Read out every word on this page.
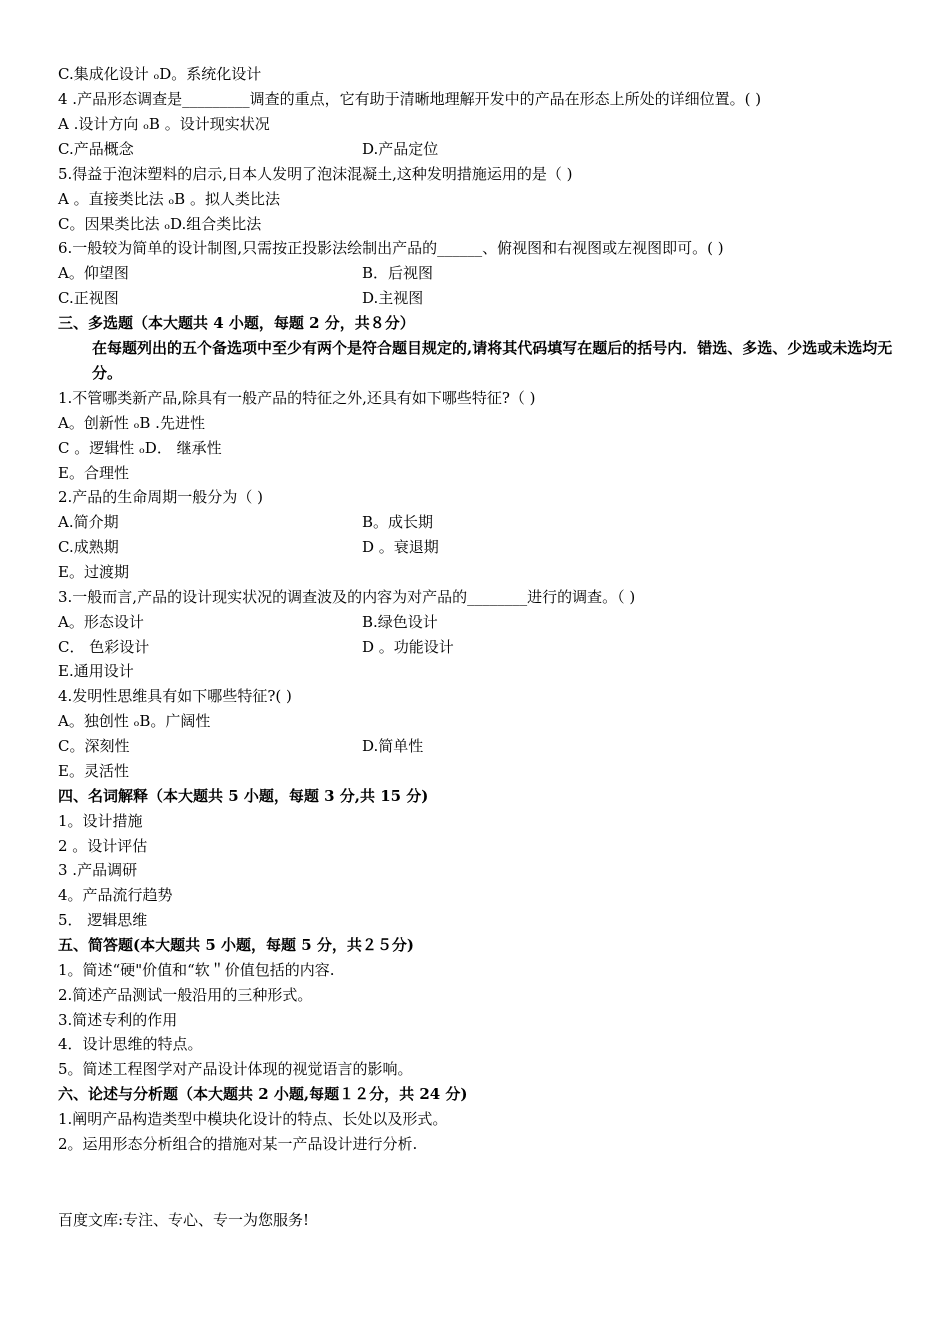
C.集成化设计 ₒD。系统化设计
4 .产品形态调查是_________调查的重点，它有助于清晰地理解开发中的产品在形态上所处的详细位置。( )
A .设计方向 ₒB 。设计现实状况
C.产品概念	D.产品定位
5.得益于泡沫塑料的启示,日本人发明了泡沫混凝土,这种发明措施运用的是（ )
A 。直接类比法 ₒB 。拟人类比法
C。因果类比法 ₒD.组合类比法
6.一般较为简单的设计制图,只需按正投影法绘制出产品的______、俯视图和右视图或左视图即可。( )
A。仰望图	B．后视图
C.正视图	D.主视图
三、多选题（本大题共 4 小题，每题 2 分，共８分）
在每题列出的五个备选项中至少有两个是符合题目规定的,请将其代码填写在题后的括号内．错选、多选、少选或未选均无分。
1.不管哪类新产品,除具有一般产品的特征之外,还具有如下哪些特征?（ )
A。创新性 ₒB .先进性
C 。逻辑性 ₒD． 继承性
E。合理性
2.产品的生命周期一般分为（ )
A.简介期	B。成长期
C.成熟期	D 。衰退期
E。过渡期
3.一般而言,产品的设计现实状况的调查波及的内容为对产品的________进行的调查。（ )
A。形态设计	B.绿色设计
C． 色彩设计	D 。功能设计
E.通用设计
4.发明性思维具有如下哪些特征?( )
A。独创性 ₒB。广阔性
C。深刻性	D.简单性
E。灵活性
四、名词解释（本大题共 5 小题，每题 3 分,共 15 分)
1。设计措施
2 。设计评估
3 .产品调研
4。产品流行趋势
5． 逻辑思维
五、简答题(本大题共 5 小题，每题 5 分，共２５分)
1。简述“硬"价值和“软＂价值包括的内容.
2.简述产品测试一般沿用的三种形式。
3.简述专利的作用
4．设计思维的特点。
5。简述工程图学对产品设计体现的视觉语言的影响。
六、论述与分析题（本大题共 2 小题,每题１２分，共 24 分)
1.阐明产品构造类型中模块化设计的特点、长处以及形式。
2。运用形态分析组合的措施对某一产品设计进行分析.
百度文库:专注、专心、专一为您服务!
